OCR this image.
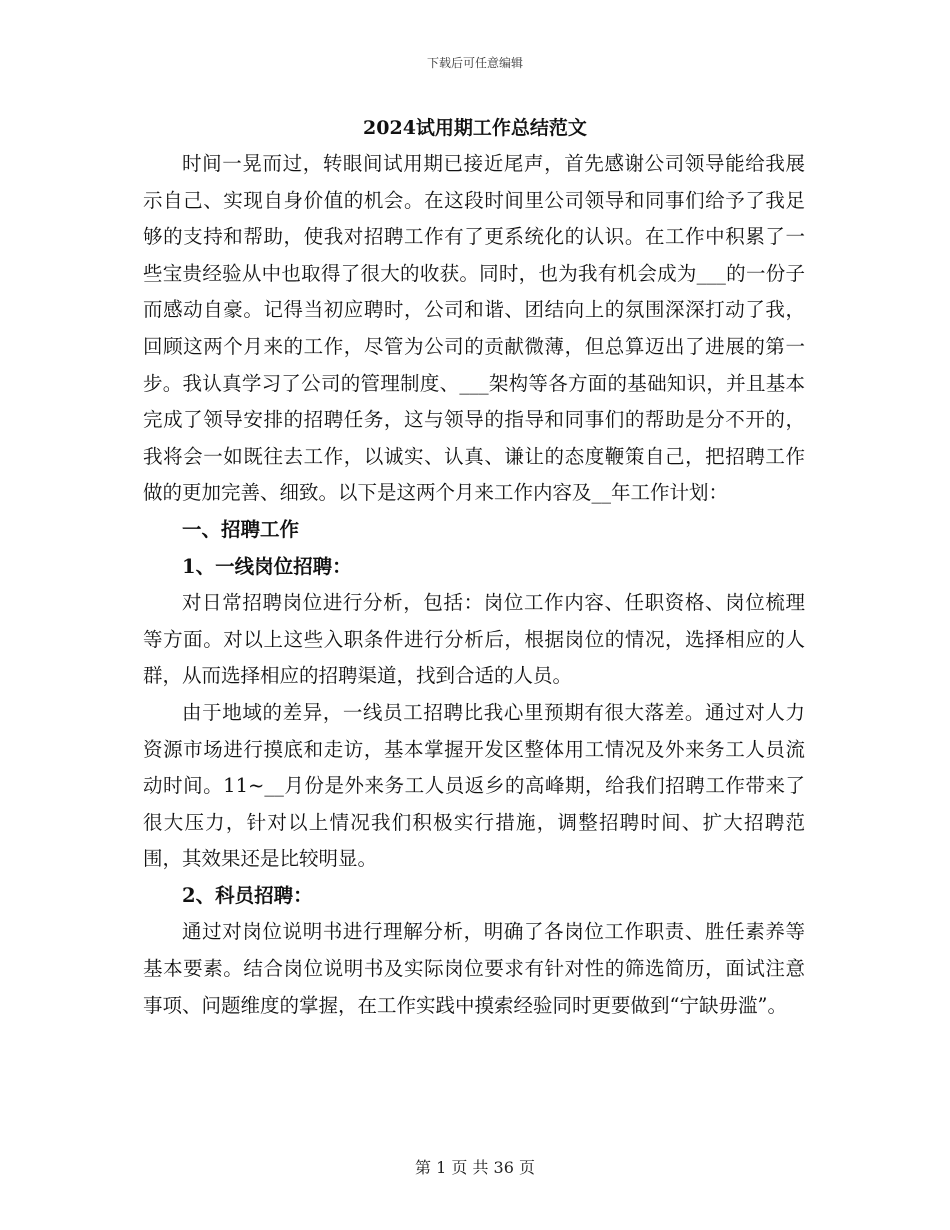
下载后可任意编辑
2024试用期工作总结范文

时间一晃而过，转眼间试用期已接近尾声，首先感谢公司领导能给我展示自己、实现自身价值的机会。在这段时间里公司领导和同事们给予了我足够的支持和帮助，使我对招聘工作有了更系统化的认识。在工作中积累了一些宝贵经验从中也取得了很大的收获。同时，也为我有机会成为___的一份子而感动自豪。记得当初应聘时，公司和谐、团结向上的氛围深深打动了我，回顾这两个月来的工作，尽管为公司的贡献微薄，但总算迈出了进展的第一步。我认真学习了公司的管理制度、___架构等各方面的基础知识，并且基本完成了领导安排的招聘任务，这与领导的指导和同事们的帮助是分不开的，我将会一如既往去工作，以诚实、认真、谦让的态度鞭策自己，把招聘工作做的更加完善、细致。以下是这两个月来工作内容及__年工作计划：

一、招聘工作

1、一线岗位招聘：

对日常招聘岗位进行分析，包括：岗位工作内容、任职资格、岗位梳理等方面。对以上这些入职条件进行分析后，根据岗位的情况，选择相应的人群，从而选择相应的招聘渠道，找到合适的人员。

由于地域的差异，一线员工招聘比我心里预期有很大落差。通过对人力资源市场进行摸底和走访，基本掌握开发区整体用工情况及外来务工人员流动时间。11~__月份是外来务工人员返乡的高峰期，给我们招聘工作带来了很大压力，针对以上情况我们积极实行措施，调整招聘时间、扩大招聘范围，其效果还是比较明显。

2、科员招聘：

通过对岗位说明书进行理解分析，明确了各岗位工作职责、胜任素养等基本要素。结合岗位说明书及实际岗位要求有针对性的筛选简历，面试注意事项、问题维度的掌握，在工作实践中摸索经验同时更要做到“宁缺毋滥”。

第 1 页 共 36 页
